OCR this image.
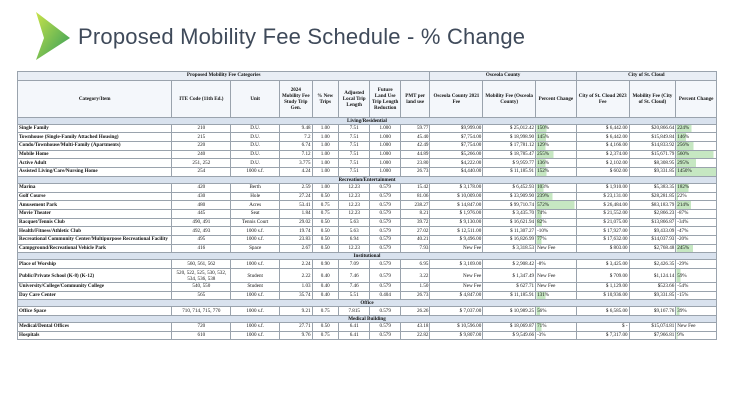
Proposed Mobility Fee Schedule - % Change
Proposed Mobility Fee Categories								Osceola County			City of St. Cloud		
Category/Item	ITE Code (11th Ed.)	Unit	2024 Mobility Fee Study Trip Gen.	% New Trips	Adjusted Local Trip Length	Future Land Use Trip Length Reduction	PMT per land use	Osceola County 2021 Fee	Mobility Fee (Osceola County)	Percent Change	City of St. Cloud 2023 Fee	Mobility Fee (City of St. Cloud)	Percent Change
Living/Residential													
Single Family	210	D.U.	9.48	1.00	7.51	1.000	59.77	$9,999.00	$ 25,012.42	150%	$ 6,442.00	$20,866.64	224%
Townhouse (Single-Family Attached Housing)	215	D.U.	7.2	1.00	7.51	1.000	45.40	$7,754.00	$ 18,998.90	145%	$ 6,442.00	$15,849.84	146%
Condo/Townhouse/Multi-Family (Apartments)	220	D.U.	6.74	1.00	7.51	1.000	42.49	$7,754.00	$ 17,781.12	129%	$ 4,166.00	$14,833.92	256%
Mobile Home	240	D.U.	7.12	1.00	7.51	1.000	44.89	$5,266.00	$ 18,785.47	255%	$ 2,374.00	$15,671.79	560%
Active Adult	251, 252	D.U.	3.775	1.00	7.51	1.000	23.80	$4,222.00	$ 9,959.77	136%	$ 2,102.00	$8,308.95	295%
Assisted Living/Care/Nursing Home	254	1000 s.f.	4.24	1.00	7.51	1.000	26.73	$4,440.00	$ 11,185.91	152%	$ 602.00	$9,331.85	1450%
Recreation/Entertainment													
Marina	420	Berth	2.59	1.00	12.23	0.579	15.42	$ 3,178.00	$ 6,452.93	103%	$ 1,910.00	$5,383.35	182%
Golf Course	430	Hole	27.24	0.50	12.23	0.579	81.06	$ 10,009.00	$ 33,909.90	239%	$ 23,131.00	$28,281.85	22%
Amusement Park	480	Acres	53.41	0.75	12.23	0.579	238.27	$ 14,847.00	$ 99,710.74	572%	$ 26,484.00	$83,183.79	214%
Movie Theater	445	Seat	1.84	0.75	12.23	0.579	8.21	$ 1,976.00	$ 3,435.70	74%	$ 21,552.00	$2,866.23	-87%
Racquet/Tennis Club	490, 491	Tennis Court	29.02	0.50	5.63	0.579	39.72	$ 9,130.00	$ 16,621.94	82%	$ 21,075.00	$13,866.87	-34%
Health/Fitness/Athletic Club	492, 493	1000 s.f.	19.74	0.50	5.63	0.579	27.02	$ 12,511.00	$ 11,307.27	-10%	$ 17,927.00	$9,433.09	-47%
Recreational Community Center/Multipurpose Recreational Facility	495	1000 s.f.	23.83	0.50	6.94	0.579	40.21	$ 9,496.00	$ 16,826.99	77%	$ 17,632.00	$14,037.93	-20%
Campground/Recreational Vehicle Park	416	Space	2.67	0.50	12.23	0.579	7.93	New Fee	$ 3,318.53	New Fee	$ 803.00	$2,768.48	245%
Institutional													
Place of Worship	560, 561, 562	1000 s.f.	2.24	0.90	7.09	0.579	6.95	$ 3,169.00	$ 2,908.42	-8%	$ 3,425.00	$2,426.35	-29%
Public/Private School (K-8) (K-12)	520, 522, 525, 530, 532, 534, 536, 538	Student	2.22	0.40	7.46	0.579	3.22	New Fee	$ 1,347.49	New Fee	$ 709.00	$1,124.14	59%
University/College/Community College	540, 550	Student	1.03	0.40	7.46	0.579	1.50	New Fee	$ 627.71	New Fee	$ 1,129.00	$523.66	-54%
Day Care Center	565	1000 s.f.	35.74	0.40	5.51	0.404	26.73	$ 4,847.00	$ 11,185.91	131%	$ 10,936.00	$9,331.85	-15%
Office													
Office Space	710, 714, 715, 770	1000 s.f.	9.21	0.75	7.815	0.579	26.26	$ 7,037.00	$ 10,989.25	56%	$ 6,585.00	$9,167.76	39%
Medical Building													
Medical/Dental Offices	720	1000 s.f.	27.71	0.50	6.41	0.579	43.18	$ 10,596.00	$ 18,069.87	71%	$ -	$15,074.81	New Fee
Hospitals	610	1000 s.f.	9.76	0.75	6.41	0.579	22.82	$ 9,807.00	$ 9,549.66	-3%	$ 7,317.00	$7,966.81	9%
